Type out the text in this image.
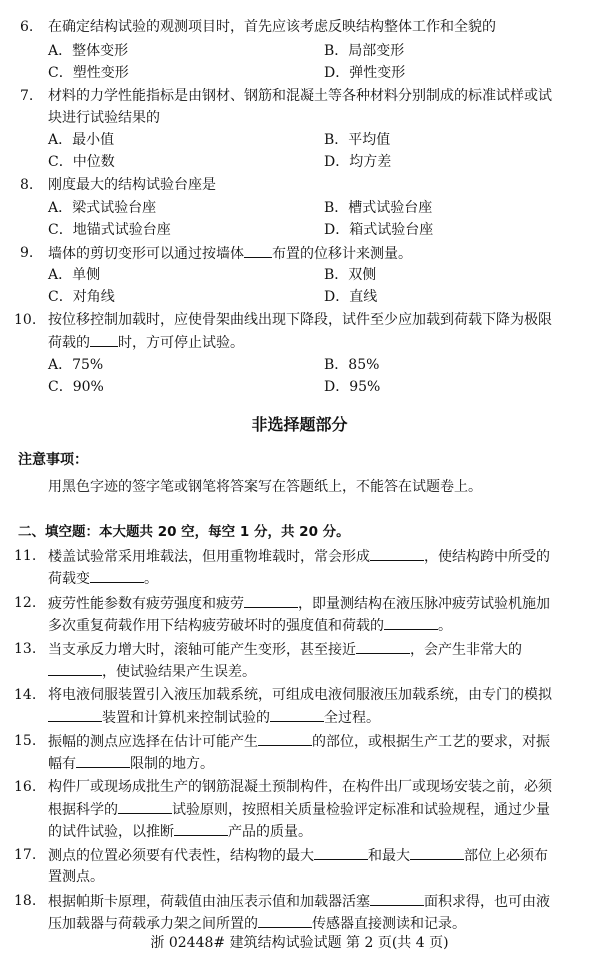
6. 在确定结构试验的观测项目时，首先应该考虑反映结构整体工作和全貌的
A．整体变形	B．局部变形
C．塑性变形	D．弹性变形
7. 材料的力学性能指标是由钢材、钢筋和混凝土等各种材料分别制成的标准试样或试
块进行试验结果的
A．最小值	B．平均值
C．中位数	D．均方差
8. 刚度最大的结构试验台座是
A．梁式试验台座	B．槽式试验台座
C．地锚式试验台座	D．箱式试验台座
9. 墙体的剪切变形可以通过按墙体 布置的位移计来测量。
A．单侧	B．双侧
C．对角线	D．直线
10. 按位移控制加载时，应使骨架曲线出现下降段，试件至少应加载到荷载下降为极限
荷载的 时，方可停止试验。
A．75%	B．85%
C．90%	D．95%
非选择题部分
注意事项：
用黑色字迹的签字笔或钢笔将答案写在答题纸上，不能答在试题卷上。
二、填空题：本大题共 20 空，每空 1 分，共 20 分。
11. 楼盖试验常采用堆载法，但用重物堆载时，常会形成	，使结构跨中所受的
荷载变	。
12. 疲劳性能参数有疲劳强度和疲劳	，即量测结构在液压脉冲疲劳试验机施加
多次重复荷载作用下结构疲劳破坏时的强度值和荷载的	。
13. 当支承反力增大时，滚轴可能产生变形，甚至接近	，会产生非常大的
，使试验结果产生误差。
14. 将电液伺服装置引入液压加载系统，可组成电液伺服液压加载系统，由专门的模拟
装置和计算机来控制试验的	全过程。
15. 振幅的测点应选择在估计可能产生	的部位，或根据生产工艺的要求，对振
幅有	限制的地方。
16. 构件厂或现场成批生产的钢筋混凝土预制构件，在构件出厂或现场安装之前，必须
根据科学的	试验原则，按照相关质量检验评定标准和试验规程，通过少量
的试件试验，以推断	产品的质量。
17. 测点的位置必须要有代表性，结构物的最大	和最大	部位上必须布
置测点。
18. 根据帕斯卡原理，荷载值由油压表示值和加载器活塞	面积求得，也可由液
压加载器与荷载承力架之间所置的	传感器直接测读和记录。
浙 02448# 建筑结构试验试题 第 2 页(共 4 页)
